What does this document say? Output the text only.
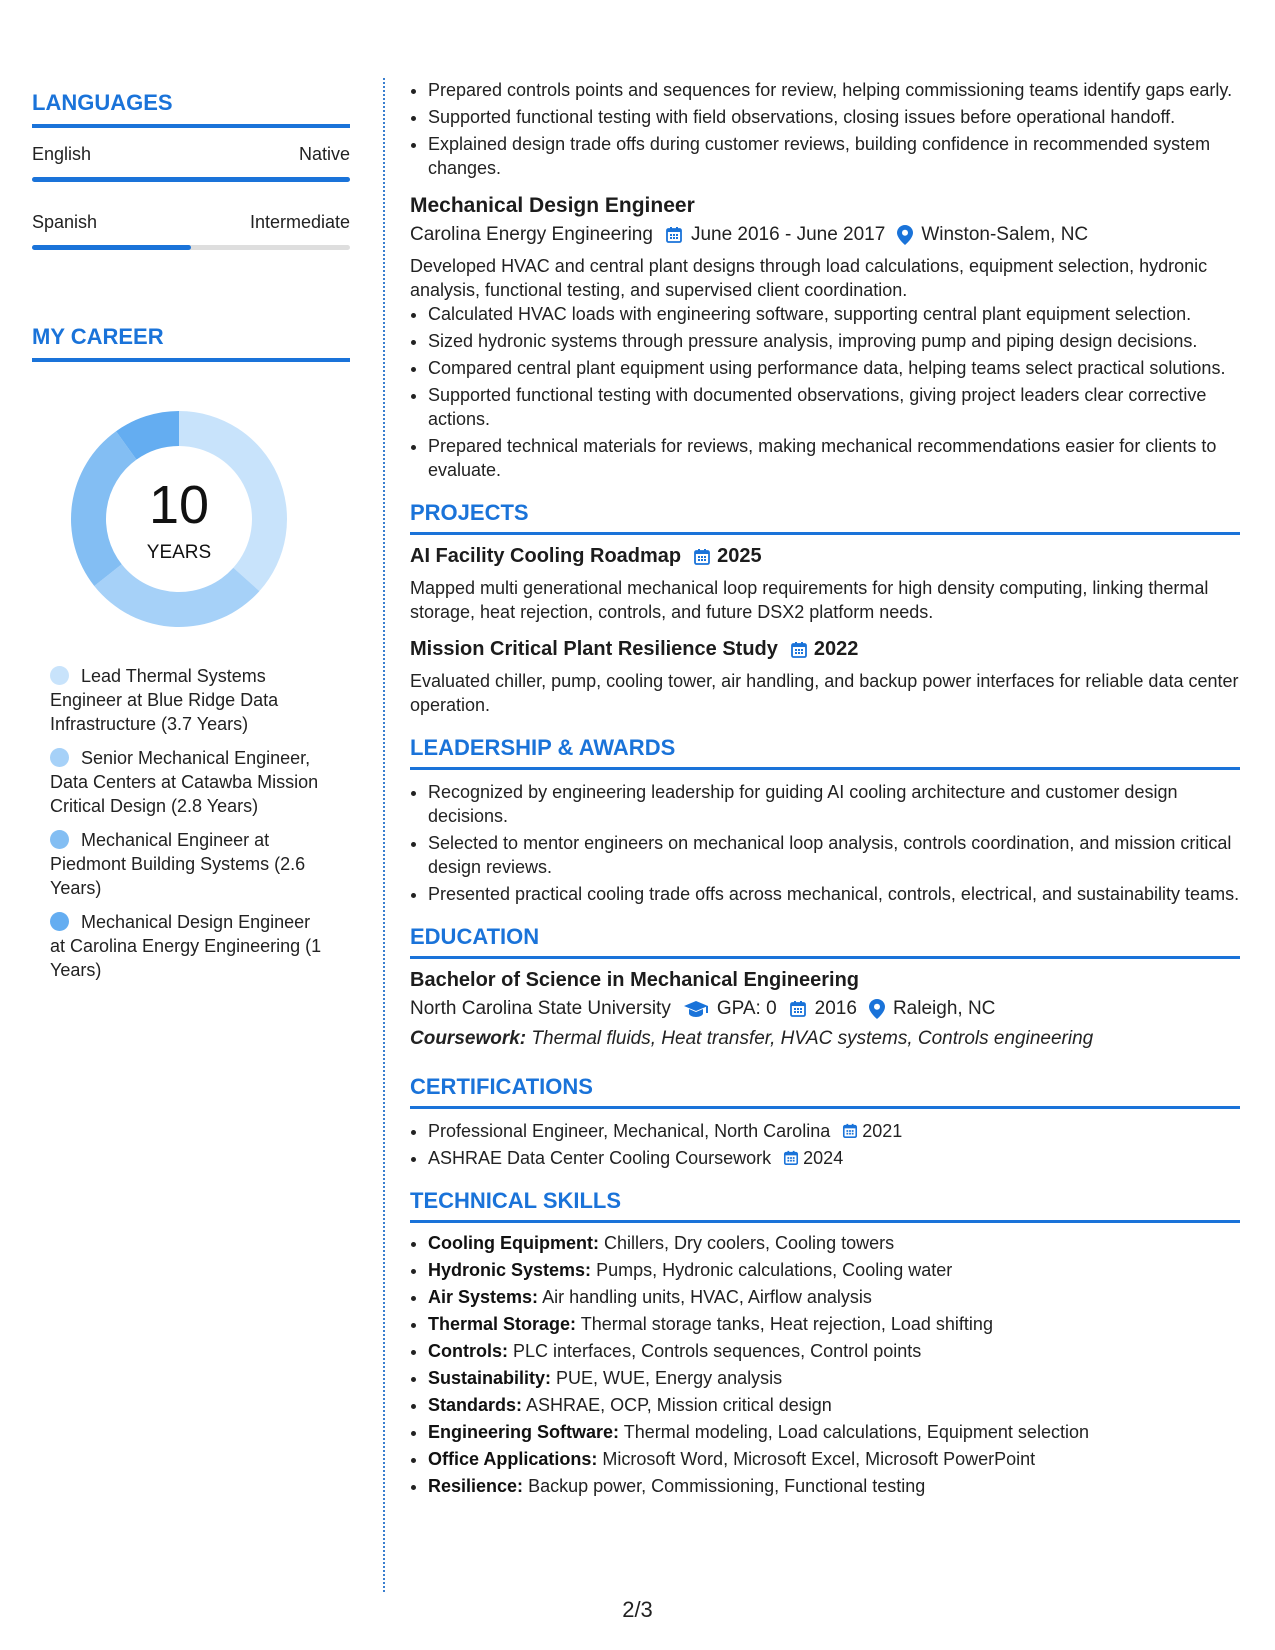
LANGUAGES
English	Native
Spanish	Intermediate
MY CAREER
10
YEARS
Lead Thermal Systems Engineer at Blue Ridge Data Infrastructure (3.7 Years)
Senior Mechanical Engineer, Data Centers at Catawba Mission Critical Design (2.8 Years)
Mechanical Engineer at Piedmont Building Systems (2.6 Years)
Mechanical Design Engineer at Carolina Energy Engineering (1 Years)
• Prepared controls points and sequences for review, helping commissioning teams identify gaps early.
• Supported functional testing with field observations, closing issues before operational handoff.
• Explained design trade offs during customer reviews, building confidence in recommended system changes.
Mechanical Design Engineer
Carolina Energy Engineering June 2016 - June 2017 Winston-Salem, NC
Developed HVAC and central plant designs through load calculations, equipment selection, hydronic analysis, functional testing, and supervised client coordination.
• Calculated HVAC loads with engineering software, supporting central plant equipment selection.
• Sized hydronic systems through pressure analysis, improving pump and piping design decisions.
• Compared central plant equipment using performance data, helping teams select practical solutions.
• Supported functional testing with documented observations, giving project leaders clear corrective actions.
• Prepared technical materials for reviews, making mechanical recommendations easier for clients to evaluate.
PROJECTS
AI Facility Cooling Roadmap 2025
Mapped multi generational mechanical loop requirements for high density computing, linking thermal storage, heat rejection, controls, and future DSX2 platform needs.
Mission Critical Plant Resilience Study 2022
Evaluated chiller, pump, cooling tower, air handling, and backup power interfaces for reliable data center operation.
LEADERSHIP & AWARDS
• Recognized by engineering leadership for guiding AI cooling architecture and customer design decisions.
• Selected to mentor engineers on mechanical loop analysis, controls coordination, and mission critical design reviews.
• Presented practical cooling trade offs across mechanical, controls, electrical, and sustainability teams.
EDUCATION
Bachelor of Science in Mechanical Engineering
North Carolina State University GPA: 0 2016 Raleigh, NC
Coursework: Thermal fluids, Heat transfer, HVAC systems, Controls engineering
CERTIFICATIONS
• Professional Engineer, Mechanical, North Carolina 2021
• ASHRAE Data Center Cooling Coursework 2024
TECHNICAL SKILLS
• Cooling Equipment: Chillers, Dry coolers, Cooling towers
• Hydronic Systems: Pumps, Hydronic calculations, Cooling water
• Air Systems: Air handling units, HVAC, Airflow analysis
• Thermal Storage: Thermal storage tanks, Heat rejection, Load shifting
• Controls: PLC interfaces, Controls sequences, Control points
• Sustainability: PUE, WUE, Energy analysis
• Standards: ASHRAE, OCP, Mission critical design
• Engineering Software: Thermal modeling, Load calculations, Equipment selection
• Office Applications: Microsoft Word, Microsoft Excel, Microsoft PowerPoint
• Resilience: Backup power, Commissioning, Functional testing
2/3
